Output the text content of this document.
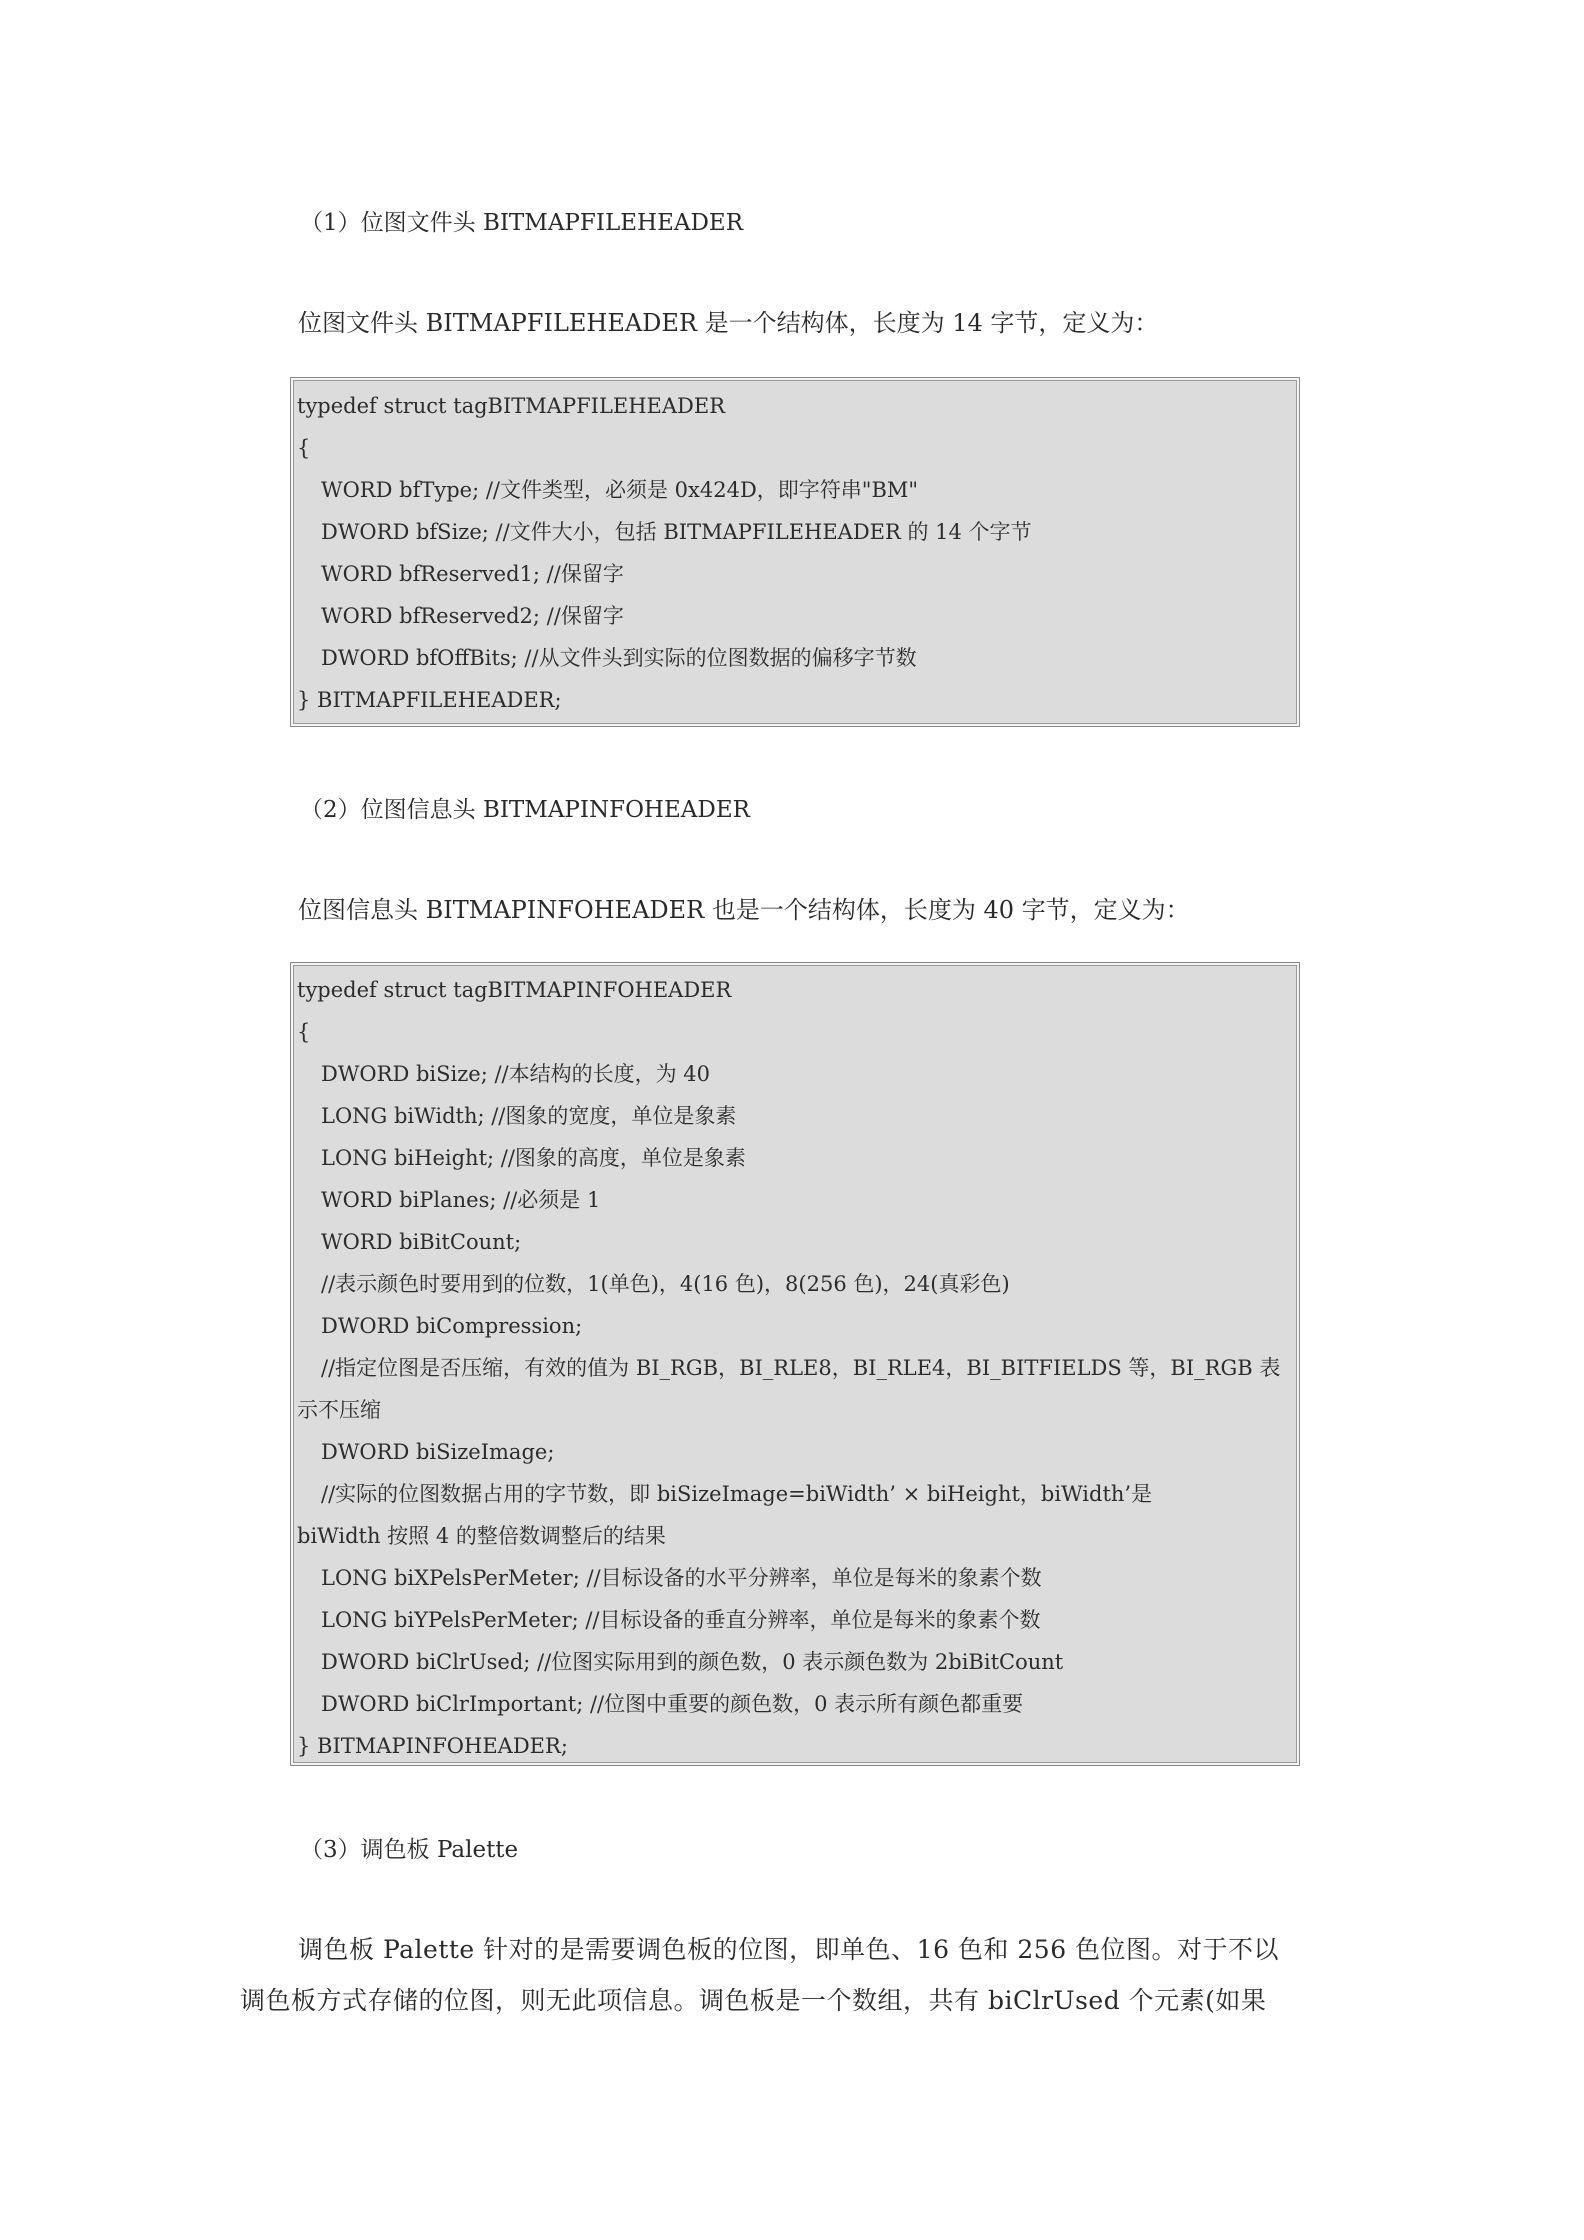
（1）位图文件头 BITMAPFILEHEADER
位图文件头 BITMAPFILEHEADER 是一个结构体，长度为 14 字节，定义为：
typedef struct tagBITMAPFILEHEADER
{
WORD bfType; //文件类型，必须是 0x424D，即字符串"BM"
DWORD bfSize; //文件大小，包括 BITMAPFILEHEADER 的 14 个字节
WORD bfReserved1; //保留字
WORD bfReserved2; //保留字
DWORD bfOffBits; //从文件头到实际的位图数据的偏移字节数
} BITMAPFILEHEADER;
（2）位图信息头 BITMAPINFOHEADER
位图信息头 BITMAPINFOHEADER 也是一个结构体，长度为 40 字节，定义为：
typedef struct tagBITMAPINFOHEADER
{
DWORD biSize; //本结构的长度，为 40
LONG biWidth; //图象的宽度，单位是象素
LONG biHeight; //图象的高度，单位是象素
WORD biPlanes; //必须是 1
WORD biBitCount;
//表示颜色时要用到的位数，1(单色)，4(16 色)，8(256 色)，24(真彩色)
DWORD biCompression;
//指定位图是否压缩，有效的值为 BI_RGB，BI_RLE8，BI_RLE4，BI_BITFIELDS 等，BI_RGB 表
示不压缩
DWORD biSizeImage;
//实际的位图数据占用的字节数，即 biSizeImage=biWidth’ × biHeight，biWidth’是
biWidth 按照 4 的整倍数调整后的结果
LONG biXPelsPerMeter; //目标设备的水平分辨率，单位是每米的象素个数
LONG biYPelsPerMeter; //目标设备的垂直分辨率，单位是每米的象素个数
DWORD biClrUsed; //位图实际用到的颜色数，0 表示颜色数为 2biBitCount
DWORD biClrImportant; //位图中重要的颜色数，0 表示所有颜色都重要
} BITMAPINFOHEADER;
（3）调色板 Palette
调色板 Palette 针对的是需要调色板的位图，即单色、16 色和 256 色位图。对于不以
调色板方式存储的位图，则无此项信息。调色板是一个数组，共有 biClrUsed 个元素(如果
